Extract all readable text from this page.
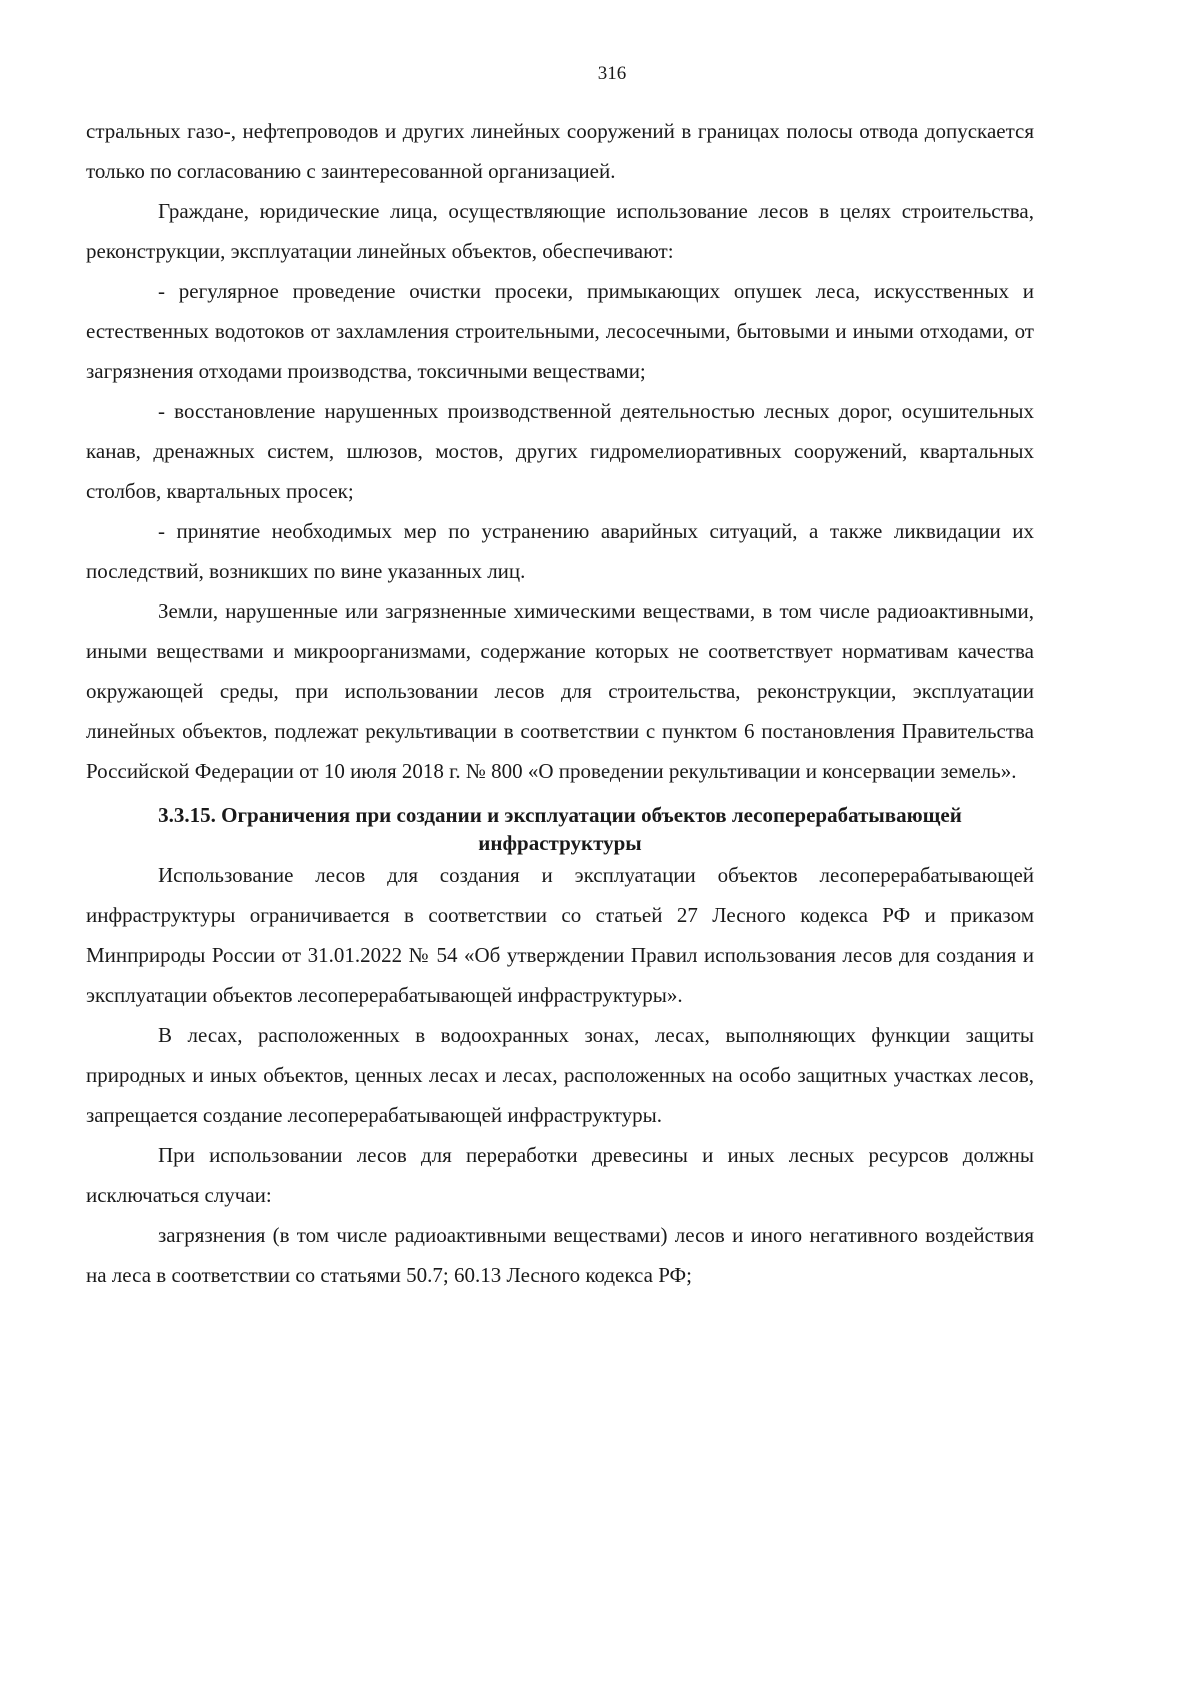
316

стральных газо-, нефтепроводов и других линейных сооружений в границах полосы отвода допускается только по согласованию с заинтересованной организацией.

Граждане, юридические лица, осуществляющие использование лесов в целях строительства, реконструкции, эксплуатации линейных объектов, обеспечивают:

- регулярное проведение очистки просеки, примыкающих опушек леса, искусственных и естественных водотоков от захламления строительными, лесосечными, бытовыми и иными отходами, от загрязнения отходами производства, токсичными веществами;

- восстановление нарушенных производственной деятельностью лесных дорог, осушительных канав, дренажных систем, шлюзов, мостов, других гидромелиоративных сооружений, квартальных столбов, квартальных просек;

- принятие необходимых мер по устранению аварийных ситуаций, а также ликвидации их последствий, возникших по вине указанных лиц.

Земли, нарушенные или загрязненные химическими веществами, в том числе радиоактивными, иными веществами и микроорганизмами, содержание которых не соответствует нормативам качества окружающей среды, при использовании лесов для строительства, реконструкции, эксплуатации линейных объектов, подлежат рекультивации в соответствии с пунктом 6 постановления Правительства Российской Федерации от 10 июля 2018 г. № 800 «О проведении рекультивации и консервации земель».

3.3.15. Ограничения при создании и эксплуатации объектов лесоперерабатывающей инфраструктуры

Использование лесов для создания и эксплуатации объектов лесоперерабатывающей инфраструктуры ограничивается в соответствии со статьей 27 Лесного кодекса РФ и приказом Минприроды России от 31.01.2022 № 54 «Об утверждении Правил использования лесов для создания и эксплуатации объектов лесоперерабатывающей инфраструктуры».

В лесах, расположенных в водоохранных зонах, лесах, выполняющих функции защиты природных и иных объектов, ценных лесах и лесах, расположенных на особо защитных участках лесов, запрещается создание лесоперерабатывающей инфраструктуры.

При использовании лесов для переработки древесины и иных лесных ресурсов должны исключаться случаи:

загрязнения (в том числе радиоактивными веществами) лесов и иного негативного воздействия на леса в соответствии со статьями 50.7; 60.13 Лесного кодекса РФ;
